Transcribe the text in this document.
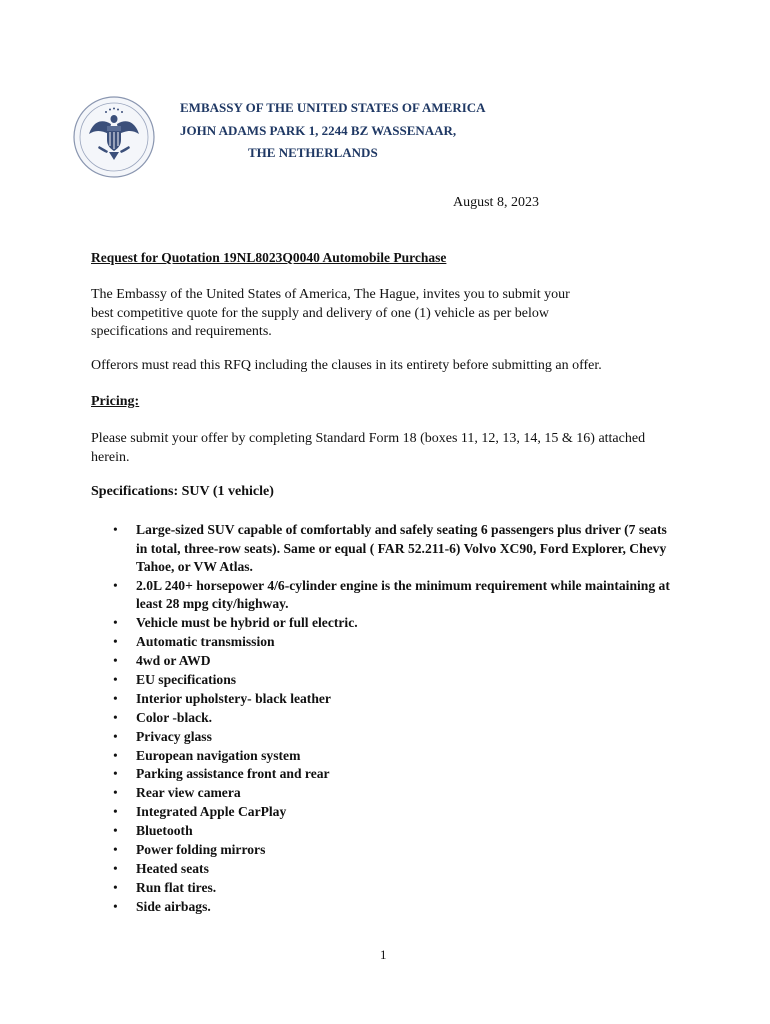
EMBASSY OF THE UNITED STATES OF AMERICA
JOHN ADAMS PARK 1, 2244 BZ WASSENAAR,
THE NETHERLANDS
August 8, 2023
Request for Quotation 19NL8023Q0040 Automobile Purchase
The Embassy of the United States of America, The Hague, invites you to submit your best competitive quote for the supply and delivery of one (1) vehicle as per below specifications and requirements.
Offerors must read this RFQ including the clauses in its entirety before submitting an offer.
Pricing:
Please submit your offer by completing Standard Form 18 (boxes 11, 12, 13, 14, 15 & 16) attached herein.
Specifications: SUV (1 vehicle)
• Large-sized SUV capable of comfortably and safely seating 6 passengers plus driver (7 seats in total, three-row seats). Same or equal ( FAR 52.211-6) Volvo XC90, Ford Explorer, Chevy Tahoe, or VW Atlas.
• 2.0L 240+ horsepower 4/6-cylinder engine is the minimum requirement while maintaining at least 28 mpg city/highway.
• Vehicle must be hybrid or full electric.
• Automatic transmission
• 4wd or AWD
• EU specifications
• Interior upholstery- black leather
• Color -black.
• Privacy glass
• European navigation system
• Parking assistance front and rear
• Rear view camera
• Integrated Apple CarPlay
• Bluetooth
• Power folding mirrors
• Heated seats
• Run flat tires.
• Side airbags.
1
